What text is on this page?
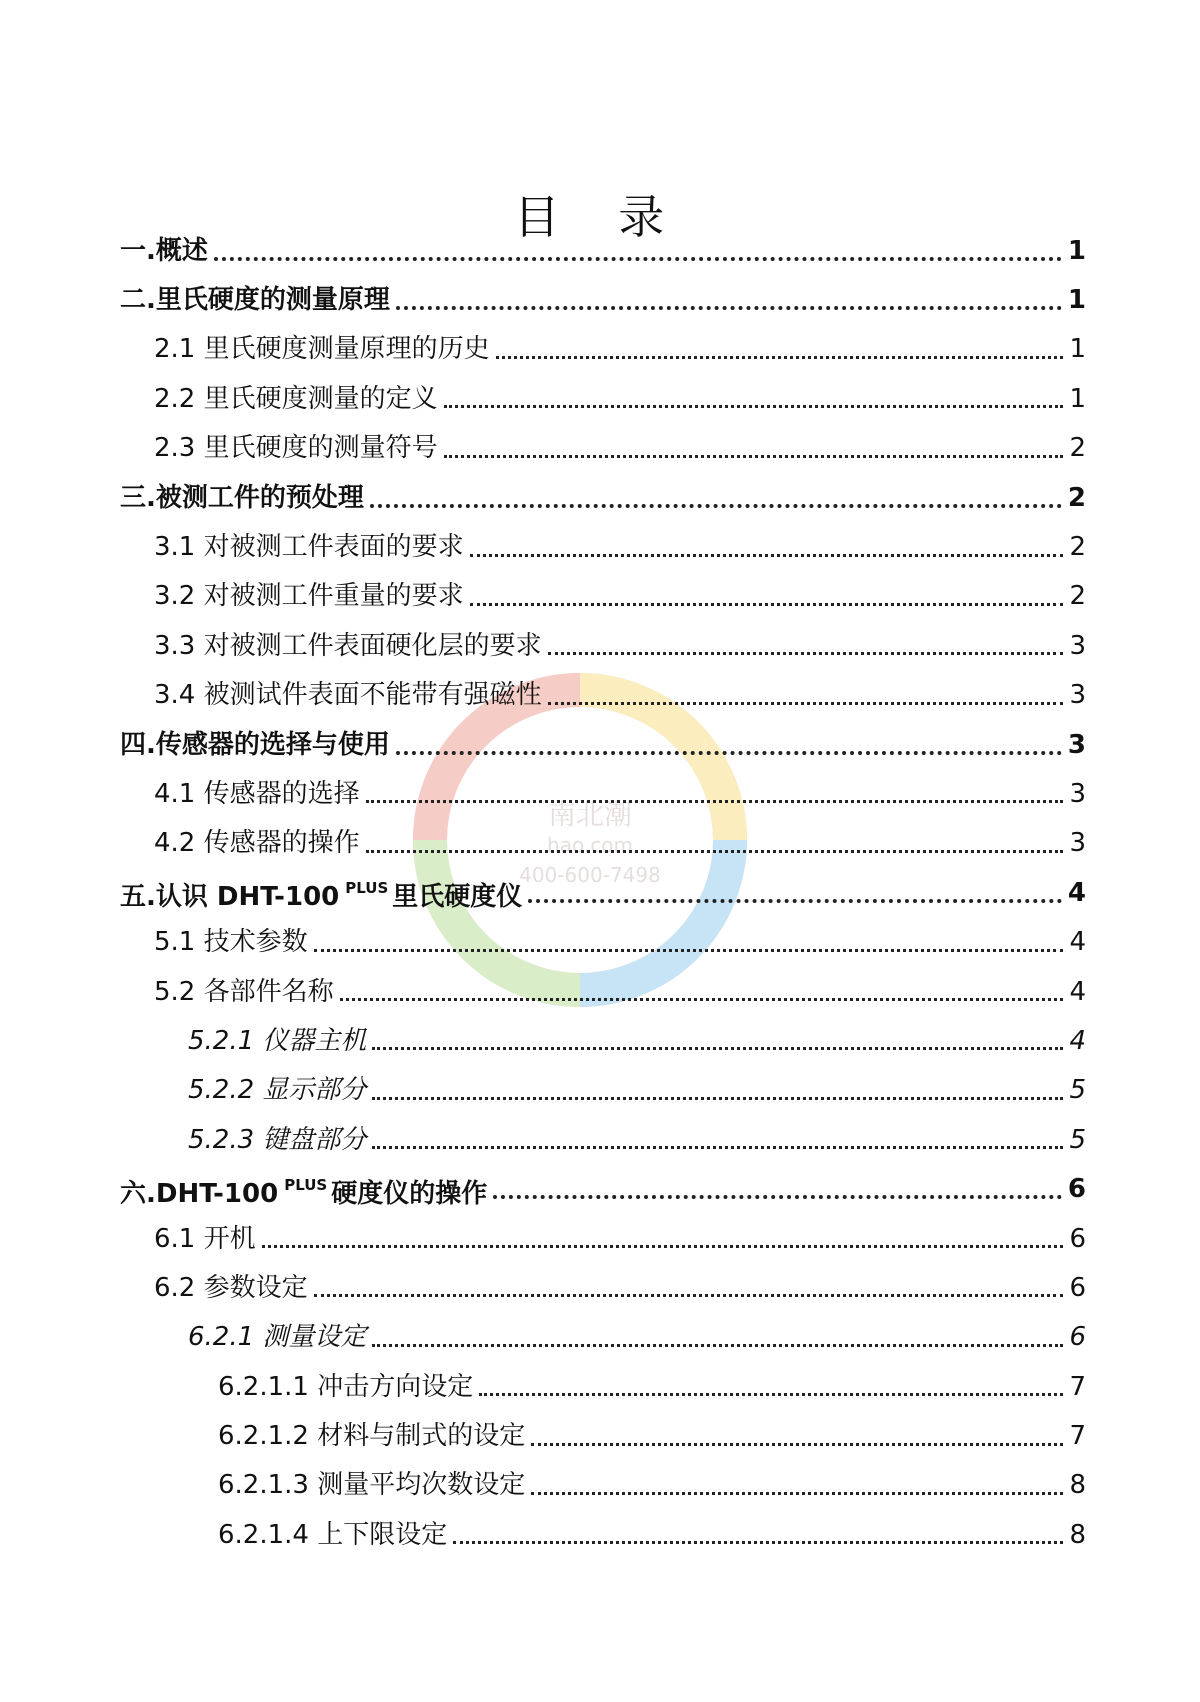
南北潮
hao.com
400-600-7498
目 录
一.概述	1
二.里氏硬度的测量原理	1
2.1 里氏硬度测量原理的历史	1
2.2 里氏硬度测量的定义	1
2.3 里氏硬度的测量符号	2
三.被测工件的预处理	2
3.1 对被测工件表面的要求	2
3.2 对被测工件重量的要求	2
3.3 对被测工件表面硬化层的要求	3
3.4 被测试件表面不能带有强磁性	3
四.传感器的选择与使用	3
4.1 传感器的选择	3
4.2 传感器的操作	3
五.认识 DHT-100 $^{PLUS}$ 里氏硬度仪	4
5.1 技术参数	4
5.2 各部件名称	4
5.2.1 仪器主机	4
5.2.2 显示部分	5
5.2.3 键盘部分	5
六.DHT-100 $^{PLUS}$ 硬度仪的操作	6
6.1 开机	6
6.2 参数设定	6
6.2.1 测量设定	6
6.2.1.1 冲击方向设定	7
6.2.1.2 材料与制式的设定	7
6.2.1.3 测量平均次数设定	8
6.2.1.4 上下限设定	8
